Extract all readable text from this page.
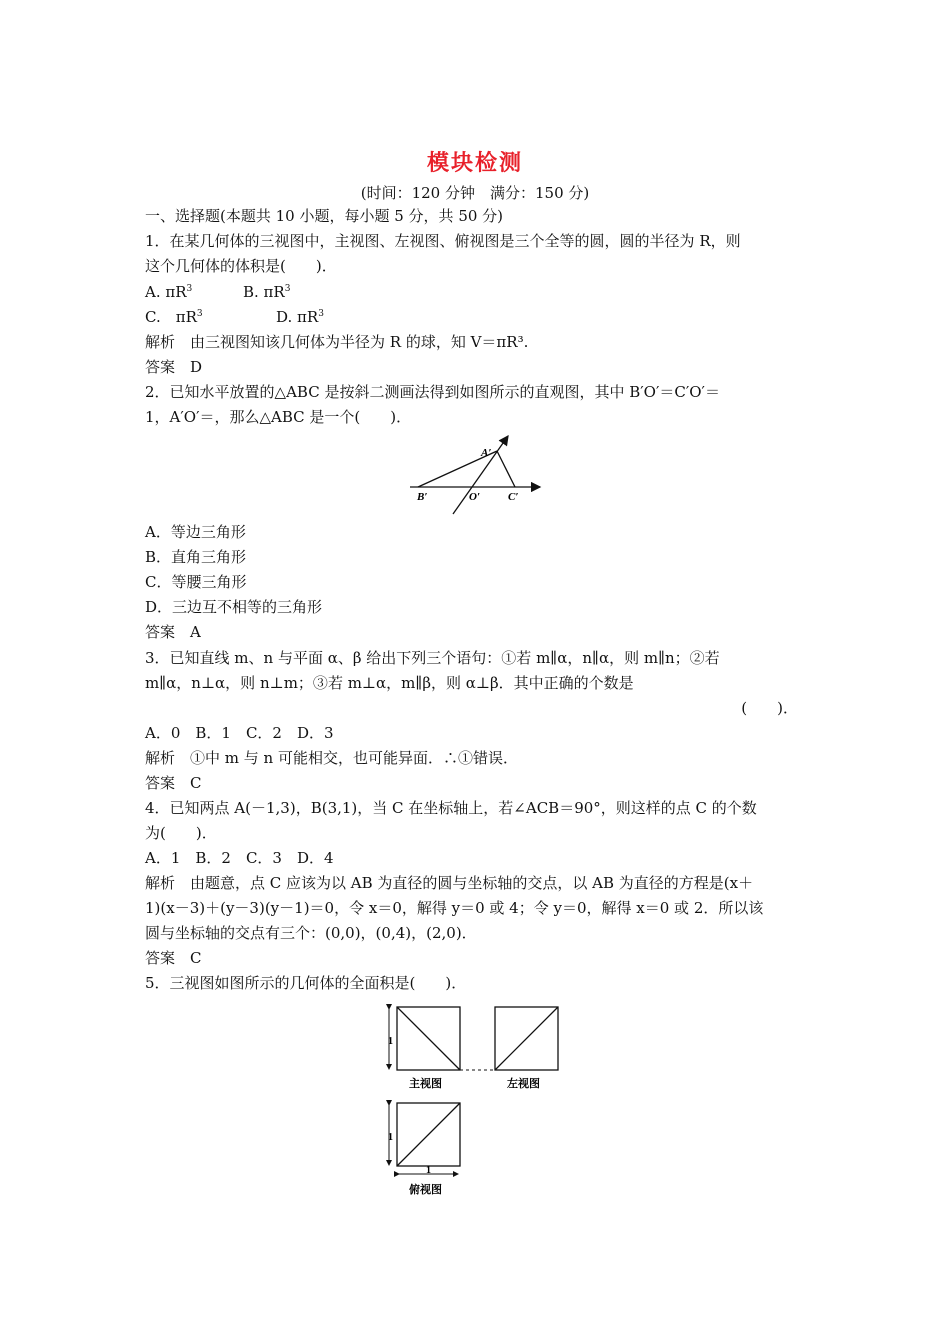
模块检测
(时间：120 分钟　满分：150 分)
一、选择题(本题共 10 小题，每小题 5 分，共 50 分)
1．在某几何体的三视图中，主视图、左视图、俯视图是三个全等的圆，圆的半径为 R，则
这个几何体的体积是(　　)．
A. $\pi R^3$	B. $\pi R^3$
C.　$\pi R^3$	D. $\pi R^3$
解析　由三视图知该几何体为半径为 R 的球，知 V＝πR³.
答案　D
2．已知水平放置的△ABC 是按斜二测画法得到如图所示的直观图，其中 B′O′＝C′O′＝
1，A′O′＝，那么△ABC 是一个(　　)．
A′
B′	O′	C′
A．等边三角形
B．直角三角形
C．等腰三角形
D．三边互不相等的三角形
答案　A
3．已知直线 m、n 与平面 α、β 给出下列三个语句：①若 m∥α，n∥α，则 m∥n；②若
m∥α，n⊥α，则 n⊥m；③若 m⊥α，m∥β，则 α⊥β．其中正确的个数是
(　　)．
A．0　B．1　C．2　D．3
解析　①中 m 与 n 可能相交，也可能异面．∴①错误．
答案　C
4．已知两点 A(－1,3)，B(3,1)，当 C 在坐标轴上，若∠ACB＝90°，则这样的点 C 的个数
为(　　)．
A．1　B．2　C．3　D．4
解析　由题意，点 C 应该为以 AB 为直径的圆与坐标轴的交点，以 AB 为直径的方程是(x＋
1)(x－3)＋(y－3)(y－1)＝0，令 x＝0，解得 y＝0 或 4；令 y＝0，解得 x＝0 或 2．所以该
圆与坐标轴的交点有三个：(0,0)，(0,4)，(2,0)．
答案　C
5．三视图如图所示的几何体的全面积是(　　)．
1
主视图	左视图
1
1
俯视图
